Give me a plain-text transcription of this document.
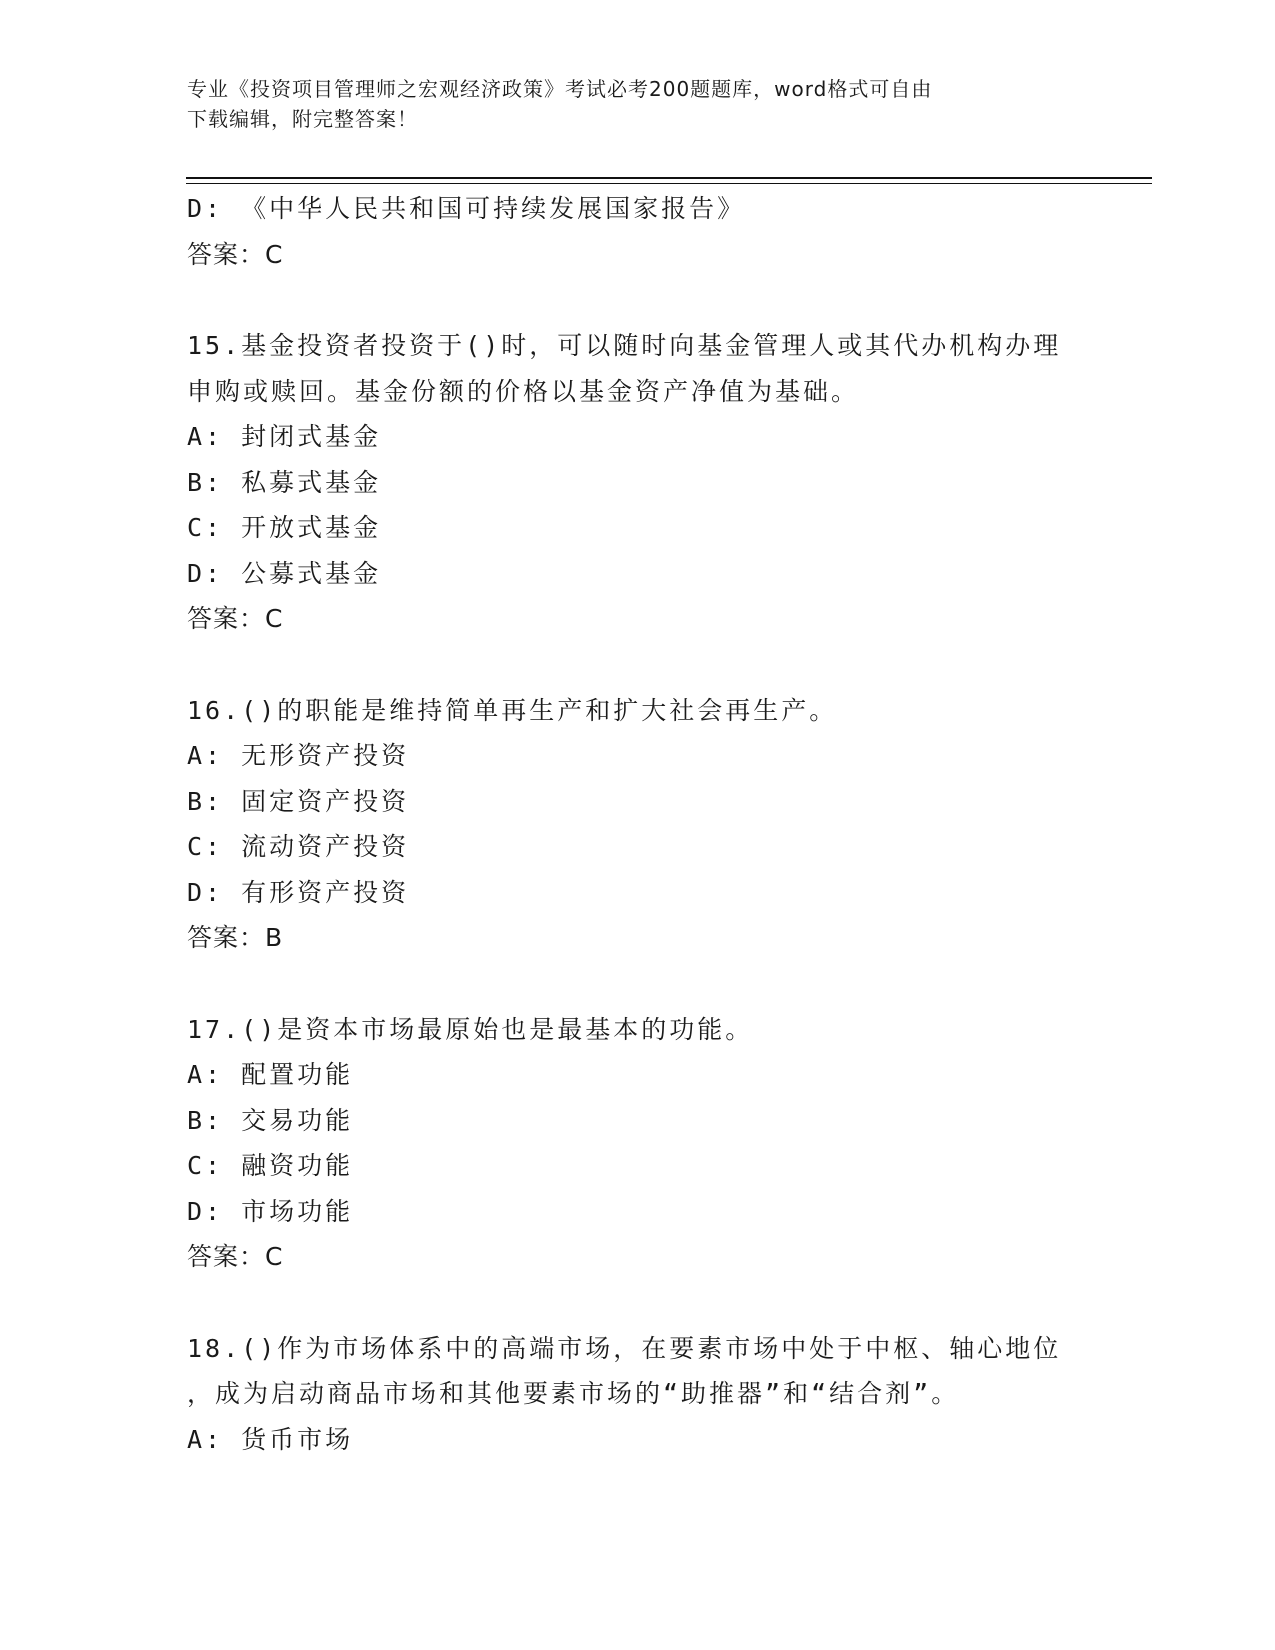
专业《投资项目管理师之宏观经济政策》考试必考200题题库，word格式可自由
下载编辑，附完整答案！
D: 《中华人民共和国可持续发展国家报告》
答案：C
15.基金投资者投资于()时，可以随时向基金管理人或其代办机构办理
申购或赎回。基金份额的价格以基金资产净值为基础。
A: 封闭式基金
B: 私募式基金
C: 开放式基金
D: 公募式基金
答案：C
16.()的职能是维持简单再生产和扩大社会再生产。
A: 无形资产投资
B: 固定资产投资
C: 流动资产投资
D: 有形资产投资
答案：B
17.()是资本市场最原始也是最基本的功能。
A: 配置功能
B: 交易功能
C: 融资功能
D: 市场功能
答案：C
18.()作为市场体系中的高端市场，在要素市场中处于中枢、轴心地位
，成为启动商品市场和其他要素市场的“助推器”和“结合剂”。
A: 货币市场
